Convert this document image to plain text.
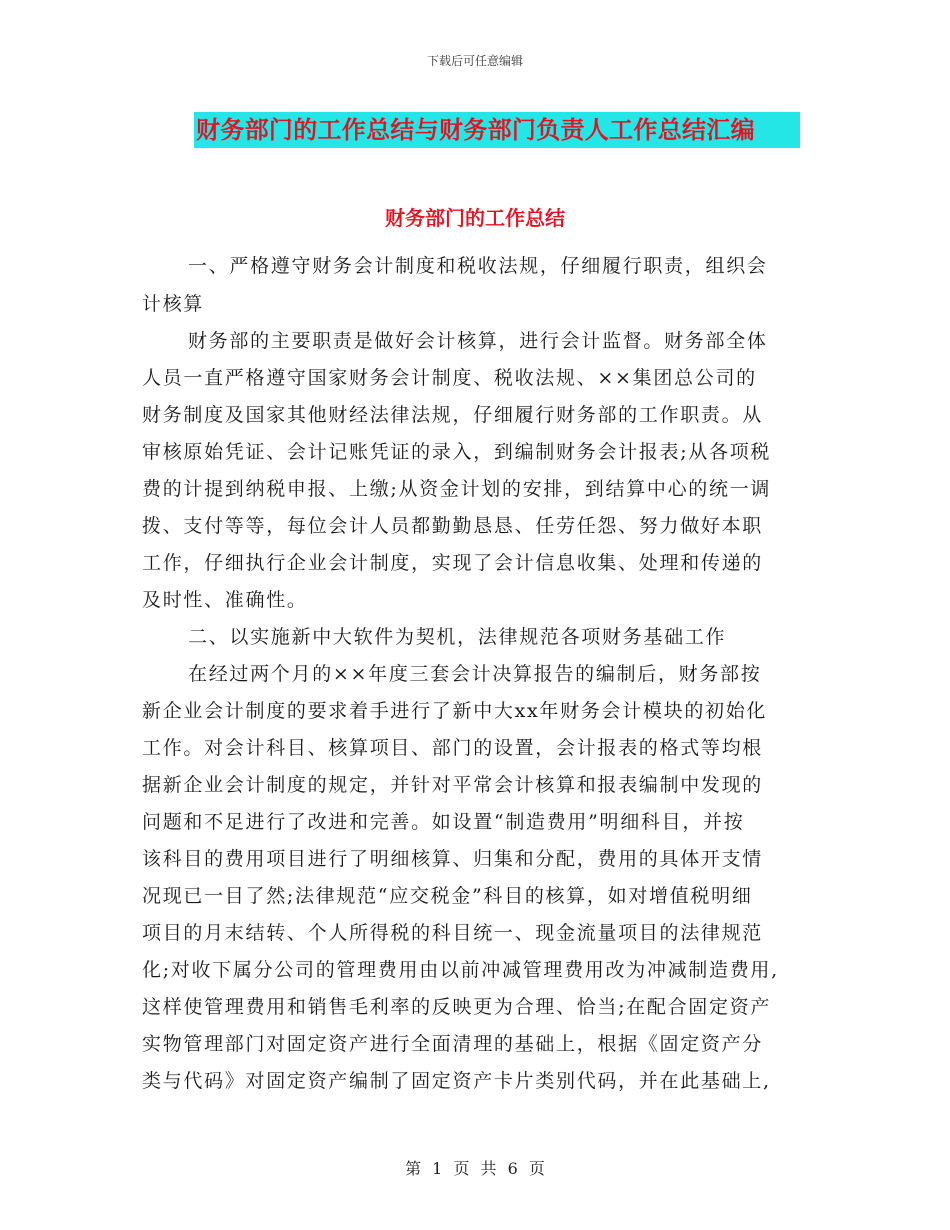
下载后可任意编辑
财务部门的工作总结与财务部门负责人工作总结汇编
财务部门的工作总结
一、严格遵守财务会计制度和税收法规，仔细履行职责，组织会
计核算
财务部的主要职责是做好会计核算，进行会计监督。财务部全体
人员一直严格遵守国家财务会计制度、税收法规、××集团总公司的
财务制度及国家其他财经法律法规，仔细履行财务部的工作职责。从
审核原始凭证、会计记账凭证的录入，到编制财务会计报表;从各项税
费的计提到纳税申报、上缴;从资金计划的安排，到结算中心的统一调
拨、支付等等，每位会计人员都勤勤恳恳、任劳任怨、努力做好本职
工作，仔细执行企业会计制度，实现了会计信息收集、处理和传递的
及时性、准确性。
二、以实施新中大软件为契机，法律规范各项财务基础工作
在经过两个月的××年度三套会计决算报告的编制后，财务部按
新企业会计制度的要求着手进行了新中大xx年财务会计模块的初始化
工作。对会计科目、核算项目、部门的设置，会计报表的格式等均根
据新企业会计制度的规定，并针对平常会计核算和报表编制中发现的
问题和不足进行了改进和完善。如设置“制造费用”明细科目，并按
该科目的费用项目进行了明细核算、归集和分配，费用的具体开支情
况现已一目了然;法律规范“应交税金”科目的核算，如对增值税明细
项目的月末结转、个人所得税的科目统一、现金流量项目的法律规范
化;对收下属分公司的管理费用由以前冲减管理费用改为冲减制造费用,
这样使管理费用和销售毛利率的反映更为合理、恰当;在配合固定资产
实物管理部门对固定资产进行全面清理的基础上，根据《固定资产分
类与代码》对固定资产编制了固定资产卡片类别代码，并在此基础上,
第 1 页 共 6 页
